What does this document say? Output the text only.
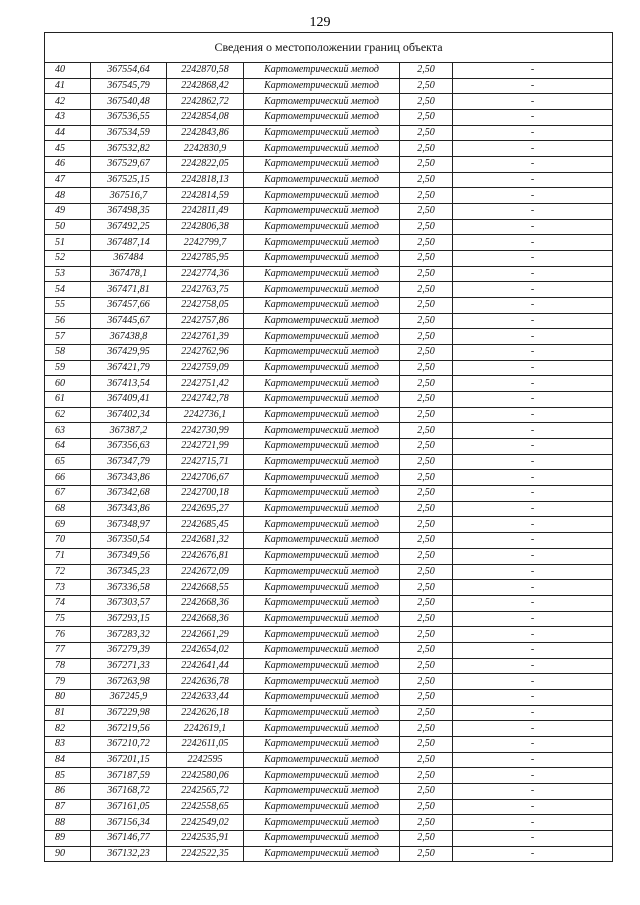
129
Сведения о местоположении границ объекта					
40	367554,64	2242870,58	Картометрический метод	2,50	-
41	367545,79	2242868,42	Картометрический метод	2,50	-
42	367540,48	2242862,72	Картометрический метод	2,50	-
43	367536,55	2242854,08	Картометрический метод	2,50	-
44	367534,59	2242843,86	Картометрический метод	2,50	-
45	367532,82	2242830,9	Картометрический метод	2,50	-
46	367529,67	2242822,05	Картометрический метод	2,50	-
47	367525,15	2242818,13	Картометрический метод	2,50	-
48	367516,7	2242814,59	Картометрический метод	2,50	-
49	367498,35	2242811,49	Картометрический метод	2,50	-
50	367492,25	2242806,38	Картометрический метод	2,50	-
51	367487,14	2242799,7	Картометрический метод	2,50	-
52	367484	2242785,95	Картометрический метод	2,50	-
53	367478,1	2242774,36	Картометрический метод	2,50	-
54	367471,81	2242763,75	Картометрический метод	2,50	-
55	367457,66	2242758,05	Картометрический метод	2,50	-
56	367445,67	2242757,86	Картометрический метод	2,50	-
57	367438,8	2242761,39	Картометрический метод	2,50	-
58	367429,95	2242762,96	Картометрический метод	2,50	-
59	367421,79	2242759,09	Картометрический метод	2,50	-
60	367413,54	2242751,42	Картометрический метод	2,50	-
61	367409,41	2242742,78	Картометрический метод	2,50	-
62	367402,34	2242736,1	Картометрический метод	2,50	-
63	367387,2	2242730,99	Картометрический метод	2,50	-
64	367356,63	2242721,99	Картометрический метод	2,50	-
65	367347,79	2242715,71	Картометрический метод	2,50	-
66	367343,86	2242706,67	Картометрический метод	2,50	-
67	367342,68	2242700,18	Картометрический метод	2,50	-
68	367343,86	2242695,27	Картометрический метод	2,50	-
69	367348,97	2242685,45	Картометрический метод	2,50	-
70	367350,54	2242681,32	Картометрический метод	2,50	-
71	367349,56	2242676,81	Картометрический метод	2,50	-
72	367345,23	2242672,09	Картометрический метод	2,50	-
73	367336,58	2242668,55	Картометрический метод	2,50	-
74	367303,57	2242668,36	Картометрический метод	2,50	-
75	367293,15	2242668,36	Картометрический метод	2,50	-
76	367283,32	2242661,29	Картометрический метод	2,50	-
77	367279,39	2242654,02	Картометрический метод	2,50	-
78	367271,33	2242641,44	Картометрический метод	2,50	-
79	367263,98	2242636,78	Картометрический метод	2,50	-
80	367245,9	2242633,44	Картометрический метод	2,50	-
81	367229,98	2242626,18	Картометрический метод	2,50	-
82	367219,56	2242619,1	Картометрический метод	2,50	-
83	367210,72	2242611,05	Картометрический метод	2,50	-
84	367201,15	2242595	Картометрический метод	2,50	-
85	367187,59	2242580,06	Картометрический метод	2,50	-
86	367168,72	2242565,72	Картометрический метод	2,50	-
87	367161,05	2242558,65	Картометрический метод	2,50	-
88	367156,34	2242549,02	Картометрический метод	2,50	-
89	367146,77	2242535,91	Картометрический метод	2,50	-
90	367132,23	2242522,35	Картометрический метод	2,50	-
